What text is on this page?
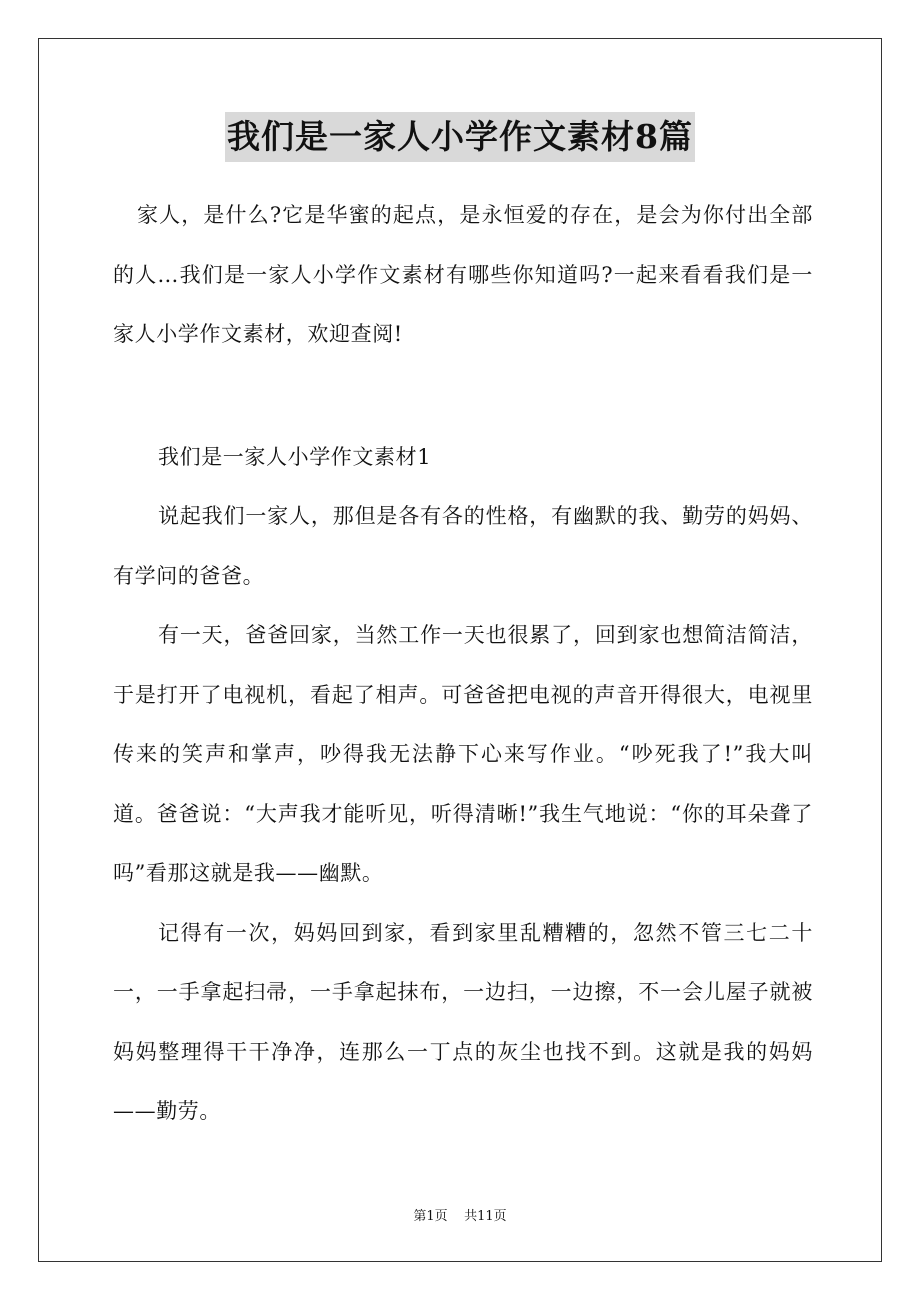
我们是一家人小学作文素材8篇

家人，是什么?它是华蜜的起点，是永恒爱的存在，是会为你付出全部的人…我们是一家人小学作文素材有哪些你知道吗?一起来看看我们是一家人小学作文素材，欢迎查阅!

我们是一家人小学作文素材1

说起我们一家人，那但是各有各的性格，有幽默的我、勤劳的妈妈、有学问的爸爸。

有一天，爸爸回家，当然工作一天也很累了，回到家也想简洁简洁，于是打开了电视机，看起了相声。可爸爸把电视的声音开得很大，电视里传来的笑声和掌声，吵得我无法静下心来写作业。“吵死我了!”我大叫道。爸爸说：“大声我才能听见，听得清晰!”我生气地说：“你的耳朵聋了吗”看那这就是我——幽默。

记得有一次，妈妈回到家，看到家里乱糟糟的，忽然不管三七二十一，一手拿起扫帚，一手拿起抹布，一边扫，一边擦，不一会儿屋子就被妈妈整理得干干净净，连那么一丁点的灰尘也找不到。这就是我的妈妈——勤劳。

第1页    共11页
